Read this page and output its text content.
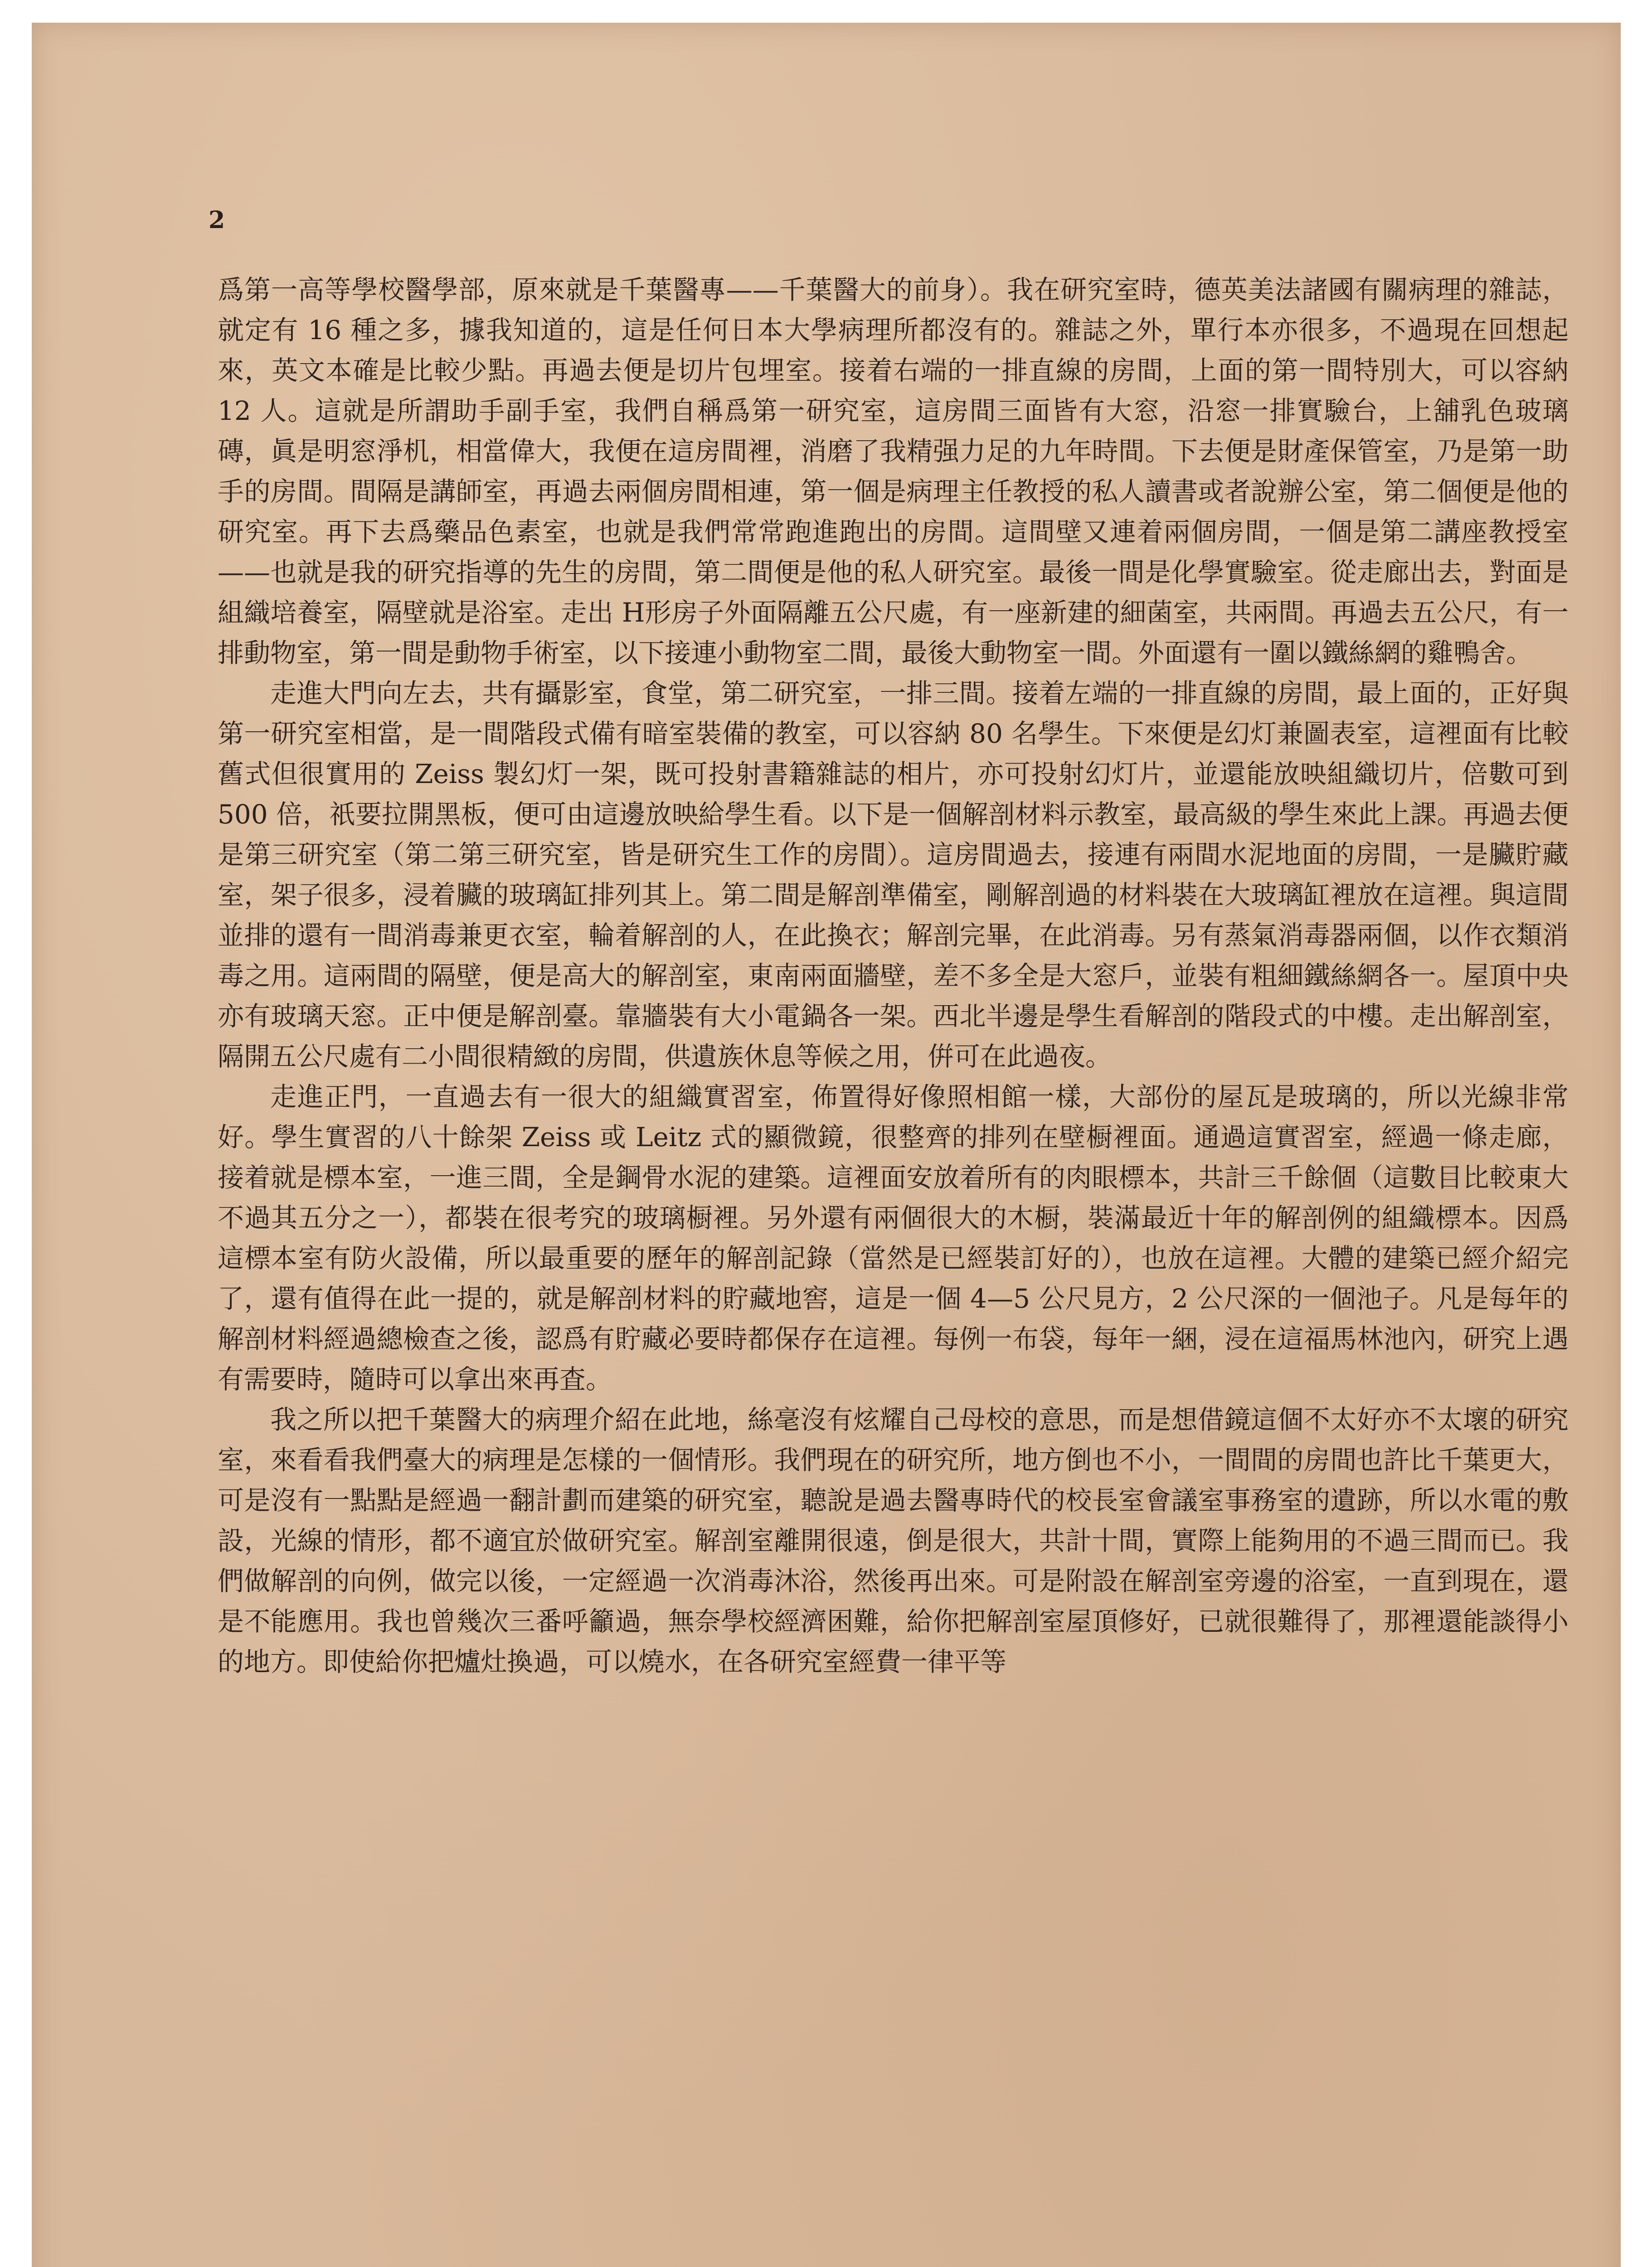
2

爲第一高等學校醫學部，原來就是千葉醫專——千葉醫大的前身）。我在研究室時，德英美法諸國有關病理的雜誌，就定有 16 種之多，據我知道的，這是任何日本大學病理所都沒有的。雜誌之外，單行本亦很多，不過現在回想起來，英文本確是比較少點。再過去便是切片包埋室。接着右端的一排直線的房間，上面的第一間特別大，可以容納 12 人。這就是所謂助手副手室，我們自稱爲第一研究室，這房間三面皆有大窓，沿窓一排實驗台，上舖乳色玻璃磚，眞是明窓淨机，相當偉大，我便在這房間裡，消磨了我精强力足的九年時間。下去便是財產保管室，乃是第一助手的房間。間隔是講師室，再過去兩個房間相連，第一個是病理主任教授的私人讀書或者說辦公室，第二個便是他的研究室。再下去爲藥品色素室，也就是我們常常跑進跑出的房間。這間壁又連着兩個房間，一個是第二講座教授室——也就是我的研究指導的先生的房間，第二間便是他的私人研究室。最後一間是化學實驗室。從走廊出去，對面是組織培養室，隔壁就是浴室。走出 H形房子外面隔離五公尺處，有一座新建的細菌室，共兩間。再過去五公尺，有一排動物室，第一間是動物手術室，以下接連小動物室二間，最後大動物室一間。外面還有一圍以鐵絲網的雞鴨舍。

走進大門向左去，共有攝影室，食堂，第二研究室，一排三間。接着左端的一排直線的房間，最上面的，正好與第一研究室相當，是一間階段式備有暗室裝備的教室，可以容納 80 名學生。下來便是幻灯兼圖表室，這裡面有比較舊式但很實用的 Zeiss 製幻灯一架，既可投射書籍雜誌的相片，亦可投射幻灯片，並還能放映組織切片，倍數可到 500 倍，祇要拉開黑板，便可由這邊放映給學生看。以下是一個解剖材料示教室，最高級的學生來此上課。再過去便是第三研究室（第二第三研究室，皆是研究生工作的房間）。這房間過去，接連有兩間水泥地面的房間，一是臟貯藏室，架子很多，浸着臟的玻璃缸排列其上。第二間是解剖準備室，剛解剖過的材料裝在大玻璃缸裡放在這裡。與這間並排的還有一間消毒兼更衣室，輪着解剖的人，在此換衣；解剖完畢，在此消毒。另有蒸氣消毒器兩個，以作衣類消毒之用。這兩間的隔壁，便是高大的解剖室，東南兩面牆壁，差不多全是大窓戶，並裝有粗細鐵絲網各一。屋頂中央亦有玻璃天窓。正中便是解剖臺。靠牆裝有大小電鍋各一架。西北半邊是學生看解剖的階段式的中樓。走出解剖室，隔開五公尺處有二小間很精緻的房間，供遺族休息等候之用，倂可在此過夜。

走進正門，一直過去有一很大的組織實習室，佈置得好像照相館一樣，大部份的屋瓦是玻璃的，所以光線非常好。學生實習的八十餘架 Zeiss 或 Leitz 式的顯微鏡，很整齊的排列在壁橱裡面。通過這實習室，經過一條走廊，接着就是標本室，一進三間，全是鋼骨水泥的建築。這裡面安放着所有的肉眼標本，共計三千餘個（這數目比較東大不過其五分之一），都裝在很考究的玻璃橱裡。另外還有兩個很大的木橱，裝滿最近十年的解剖例的組織標本。因爲這標本室有防火設備，所以最重要的歷年的解剖記錄（當然是已經裝訂好的），也放在這裡。大體的建築已經介紹完了，還有值得在此一提的，就是解剖材料的貯藏地窖，這是一個 4—5 公尺見方，2 公尺深的一個池子。凡是每年的解剖材料經過總檢查之後，認爲有貯藏必要時都保存在這裡。每例一布袋，每年一綑，浸在這福馬林池內，研究上遇有需要時，隨時可以拿出來再査。

我之所以把千葉醫大的病理介紹在此地，絲毫沒有炫耀自己母校的意思，而是想借鏡這個不太好亦不太壞的研究室，來看看我們臺大的病理是怎樣的一個情形。我們現在的研究所，地方倒也不小，一間間的房間也許比千葉更大，可是沒有一點點是經過一翻計劃而建築的研究室，聽說是過去醫專時代的校長室會議室事務室的遺跡，所以水電的敷設，光線的情形，都不適宜於做研究室。解剖室離開很遠，倒是很大，共計十間，實際上能夠用的不過三間而已。我們做解剖的向例，做完以後，一定經過一次消毒沐浴，然後再出來。可是附設在解剖室旁邊的浴室，一直到現在，還是不能應用。我也曾幾次三番呼籲過，無奈學校經濟困難，給你把解剖室屋頂修好，已就很難得了，那裡還能談得小的地方。即使給你把爐灶換過，可以燒水，在各研究室經費一律平等
